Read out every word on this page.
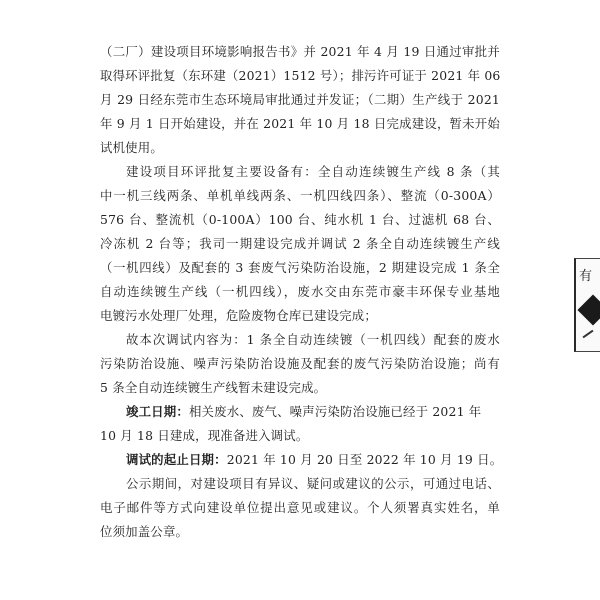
（二厂）建设项目环境影响报告书》并 2021 年 4 月 19 日通过审批并
取得环评批复（东环建（2021）1512 号）；排污许可证于 2021 年 06
月 29 日经东莞市生态环境局审批通过并发证；（二期）生产线于 2021
年 9 月 1 日开始建设，并在 2021 年 10 月 18 日完成建设，暂未开始
试机使用。
建设项目环评批复主要设备有：全自动连续镀生产线 8 条（其
中一机三线两条、单机单线两条、一机四线四条）、整流（0-300A）
576 台、整流机（0-100A）100 台、纯水机 1 台、过滤机 68 台、
冷冻机 2 台等；我司一期建设完成并调试 2 条全自动连续镀生产线
（一机四线）及配套的 3 套废气污染防治设施，2 期建设完成 1 条全
自动连续镀生产线（一机四线），废水交由东莞市豪丰环保专业基地
电镀污水处理厂处理，危险废物仓库已建设完成；
故本次调试内容为：1 条全自动连续镀（一机四线）配套的废水
污染防治设施、噪声污染防治设施及配套的废气污染防治设施；尚有
5 条全自动连续镀生产线暂未建设完成。
竣工日期：相关废水、废气、噪声污染防治设施已经于 2021 年
10 月 18 日建成，现准备进入调试。
调试的起止日期：2021 年 10 月 20 日至 2022 年 10 月 19 日。
公示期间，对建设项目有异议、疑问或建议的公示，可通过电话、
电子邮件等方式向建设单位提出意见或建议。个人须署真实姓名，单
位须加盖公章。
有
